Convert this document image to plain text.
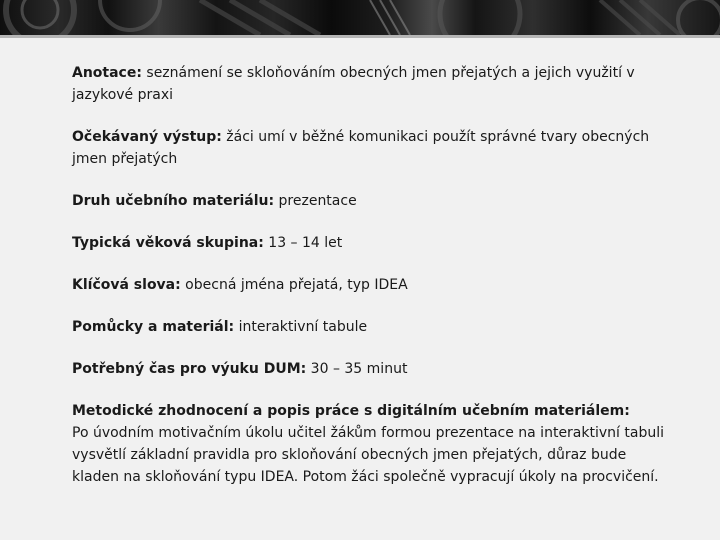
Anotace: seznámení se skloňováním obecných jmen přejatých a jejich využití v jazykové praxi
Očekávaný výstup: žáci umí v běžné komunikaci použít správné tvary obecných jmen přejatých
Druh učebního materiálu: prezentace
Typická věková skupina: 13 – 14 let
Klíčová slova: obecná jména přejatá, typ IDEA
Pomůcky a materiál: interaktivní tabule
Potřebný čas pro výuku DUM: 30 – 35 minut
Metodické zhodnocení a popis práce s digitálním učebním materiálem:
Po úvodním motivačním úkolu učitel žákům formou prezentace na interaktivní tabuli vysvětlí základní pravidla pro skloňování obecných jmen přejatých, důraz bude kladen na skloňování typu IDEA. Potom žáci společně vypracují úkoly na procvičení.
